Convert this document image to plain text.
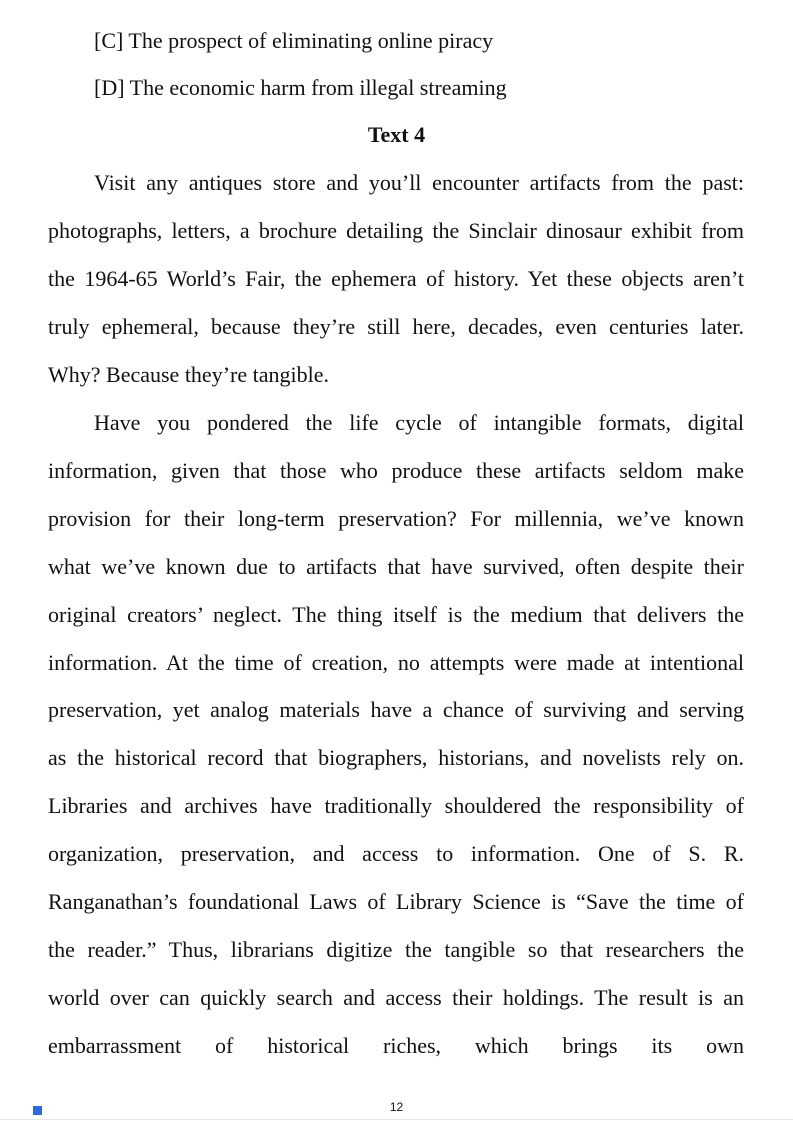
[C] The prospect of eliminating online piracy
[D] The economic harm from illegal streaming
Text 4
Visit any antiques store and you’ll encounter artifacts from the past:
photographs, letters, a brochure detailing the Sinclair dinosaur exhibit from
the 1964-65 World’s Fair, the ephemera of history. Yet these objects aren’t
truly ephemeral, because they’re still here, decades, even centuries later.
Why? Because they’re tangible.
Have you pondered the life cycle of intangible formats, digital
information, given that those who produce these artifacts seldom make
provision for their long-term preservation? For millennia, we’ve known
what we’ve known due to artifacts that have survived, often despite their
original creators’ neglect. The thing itself is the medium that delivers the
information. At the time of creation, no attempts were made at intentional
preservation, yet analog materials have a chance of surviving and serving
as the historical record that biographers, historians, and novelists rely on.
Libraries and archives have traditionally shouldered the responsibility of
organization, preservation, and access to information. One of S. R.
Ranganathan’s foundational Laws of Library Science is “Save the time of
the reader.” Thus, librarians digitize the tangible so that researchers the
world over can quickly search and access their holdings. The result is an
embarrassment of historical riches, which brings its own
12
